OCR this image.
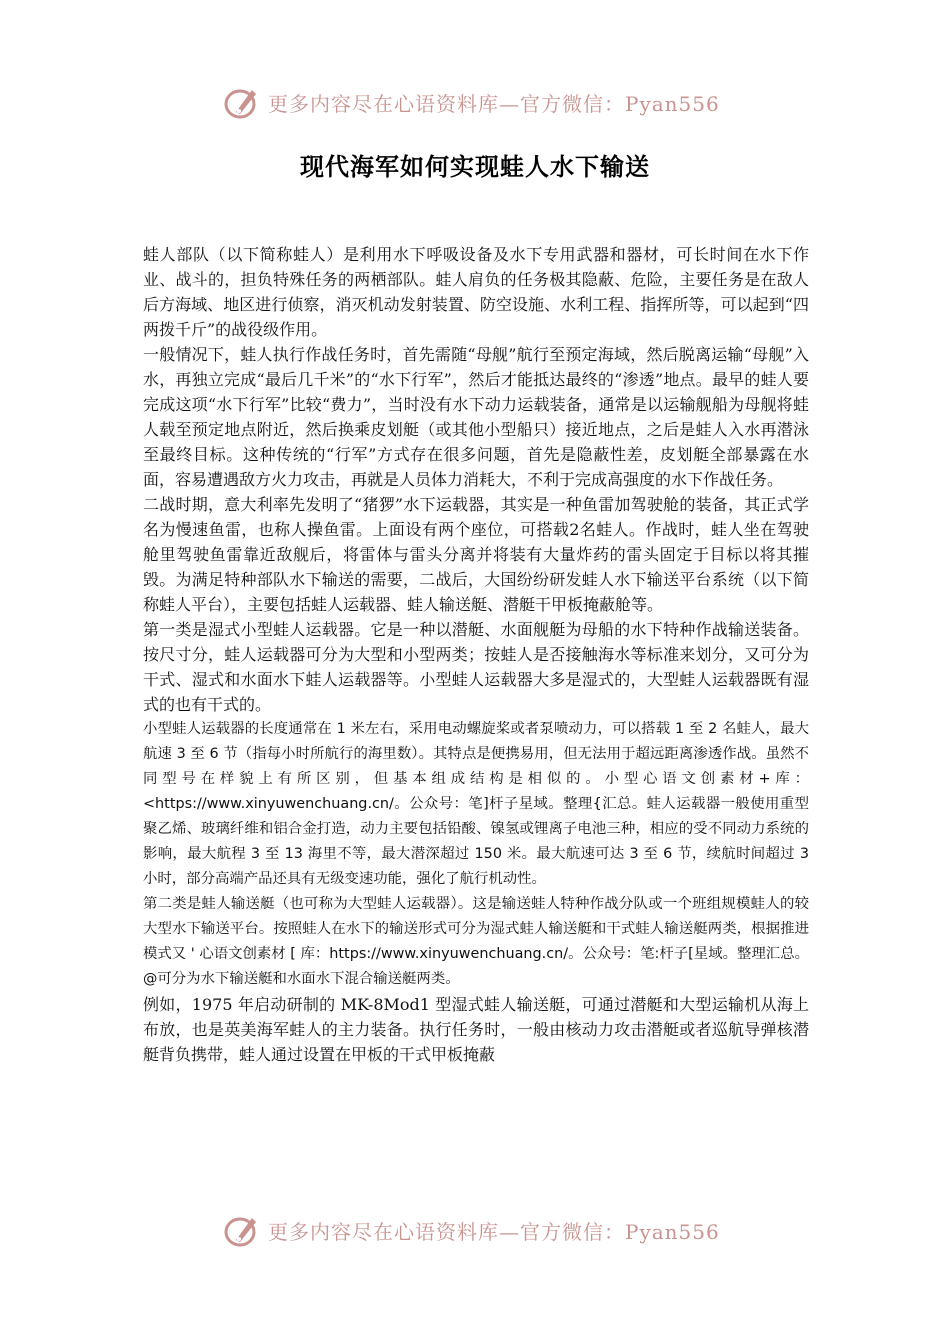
更多内容尽在心语资料库—官方微信：Pyan556
现代海军如何实现蛙人水下输送

蛙人部队（以下简称蛙人）是利用水下呼吸设备及水下专用武器和器材，可长时间在水下作业、战斗的，担负特殊任务的两栖部队。蛙人肩负的任务极其隐蔽、危险，主要任务是在敌人后方海域、地区进行侦察，消灭机动发射装置、防空设施、水利工程、指挥所等，可以起到“四两拨千斤”的战役级作用。

一般情况下，蛙人执行作战任务时，首先需随“母舰”航行至预定海域，然后脱离运输“母舰”入水，再独立完成“最后几千米”的“水下行军”，然后才能抵达最终的“渗透”地点。最早的蛙人要完成这项“水下行军”比较“费力”，当时没有水下动力运载装备，通常是以运输舰船为母舰将蛙人载至预定地点附近，然后换乘皮划艇（或其他小型船只）接近地点，之后是蛙人入水再潜泳至最终目标。这种传统的“行军”方式存在很多问题，首先是隐蔽性差，皮划艇全部暴露在水面，容易遭遇敌方火力攻击，再就是人员体力消耗大，不利于完成高强度的水下作战任务。

二战时期，意大利率先发明了“猪猡”水下运载器，其实是一种鱼雷加驾驶舱的装备，其正式学名为慢速鱼雷，也称人操鱼雷。上面设有两个座位，可搭载2名蛙人。作战时，蛙人坐在驾驶舱里驾驶鱼雷靠近敌舰后，将雷体与雷头分离并将装有大量炸药的雷头固定于目标以将其摧毁。为满足特种部队水下输送的需要，二战后，大国纷纷研发蛙人水下输送平台系统（以下简称蛙人平台），主要包括蛙人运载器、蛙人输送艇、潜艇干甲板掩蔽舱等。

第一类是湿式小型蛙人运载器。它是一种以潜艇、水面舰艇为母船的水下特种作战输送装备。按尺寸分，蛙人运载器可分为大型和小型两类；按蛙人是否接触海水等标准来划分，又可分为干式、湿式和水面水下蛙人运载器等。小型蛙人运载器大多是湿式的，大型蛙人运载器既有湿式的也有干式的。

小型蛙人运载器的长度通常在 1 米左右，采用电动螺旋桨或者泵喷动力，可以搭载 1 至 2 名蛙人，最大航速 3 至 6 节（指每小时所航行的海里数）。其特点是便携易用，但无法用于超远距离渗透作战。虽然不同型号在样貌上有所区别，但基本组成结构是相似的。小型心语文创素材+库：<https://www.xinyuwenchuang.cn/。公众号：笔]杆子星域。整理{汇总。蛙人运载器一般使用重型聚乙烯、玻璃纤维和铝合金打造，动力主要包括铅酸、镍氢或锂离子电池三种，相应的受不同动力系统的影响，最大航程 3 至 13 海里不等，最大潜深超过 150 米。最大航速可达 3 至 6 节，续航时间超过 3 小时，部分高端产品还具有无级变速功能，强化了航行机动性。

第二类是蛙人输送艇（也可称为大型蛙人运载器）。这是输送蛙人特种作战分队或一个班组规模蛙人的较大型水下输送平台。按照蛙人在水下的输送形式可分为湿式蛙人输送艇和干式蛙人输送艇两类，根据推进模式又 ' 心语文创素材 [ 库：https://www.xinyuwenchuang.cn/。公众号：笔:杆子[星域。整理汇总。@可分为水下输送艇和水面水下混合输送艇两类。

例如，1975 年启动研制的 MK-8Mod1 型湿式蛙人输送艇，可通过潜艇和大型运输机从海上布放，也是英美海军蛙人的主力装备。执行任务时，一般由核动力攻击潜艇或者巡航导弹核潜艇背负携带，蛙人通过设置在甲板的干式甲板掩蔽

更多内容尽在心语资料库—官方微信：Pyan556
